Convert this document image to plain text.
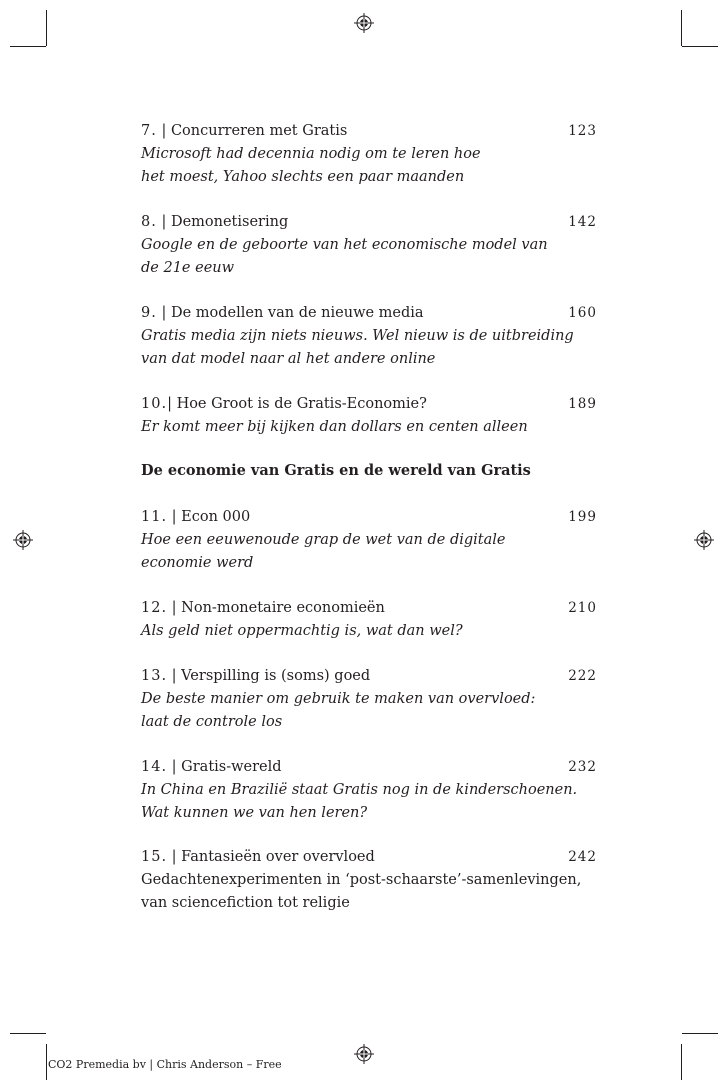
7. | Concurreren met Gratis	123
Microsoft had decennia nodig om te leren hoe
het moest, Yahoo slechts een paar maanden
8. | Demonetisering	142
Google en de geboorte van het economische model van
de 21e eeuw
9. | De modellen van de nieuwe media	160
Gratis media zijn niets nieuws. Wel nieuw is de uitbreiding
van dat model naar al het andere online
10.| Hoe Groot is de Gratis-Economie?	189
Er komt meer bij kijken dan dollars en centen alleen
De economie van Gratis en de wereld van Gratis
11. | Econ 000	199
Hoe een eeuwenoude grap de wet van de digitale
economie werd
12. | Non-monetaire economieën	210
Als geld niet oppermachtig is, wat dan wel?
13. | Verspilling is (soms) goed	222
De beste manier om gebruik te maken van overvloed:
laat de controle los
14. | Gratis-wereld	232
In China en Brazilië staat Gratis nog in de kinderschoenen.
Wat kunnen we van hen leren?
15. | Fantasieën over overvloed	242
Gedachtenexperimenten in ‘post-schaarste’-samenlevingen,
van sciencefiction tot religie
CO2 Premedia bv | Chris Anderson – Free
